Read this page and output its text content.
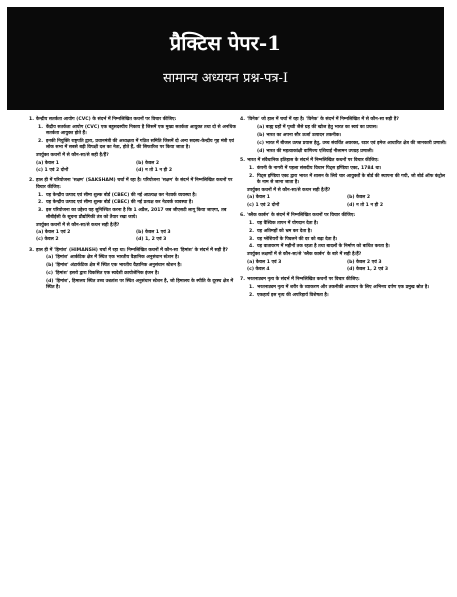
प्रैक्टिस पेपर-1
सामान्य अध्ययन प्रश्न-पत्र-I
1. केन्द्रीय सतर्कता आयोग (CVC) के संदर्भ में निम्नलिखित कथनों पर विचार कीजिए:
1. केंद्रीय सतर्कता आयोग (CVC) एक बहुसदस्यीय निकाय है जिसमें एक मुख्य सतर्कता आयुक्त तथा दो से अनधिक सतर्कता आयुक्त होते हैं।
2. इनकी नियुक्ति राष्ट्रपति द्वारा, प्रधानमंत्री की अध्यक्षता में गठित समिति जिसमें दो अन्य सदस्य-केन्द्रीय गृह मंत्री एवं लोक सभा में सबसे बड़ी विपक्षी दल का नेता, होते हैं, की सिफारिश पर किया जाता है।
उपर्युक्त कथनों में से कौन-सा/से सही है/हैं?
(a) केवल 1	(b) केवल 2
(c) 1 एवं 2 दोनों	(d) न तो 1 न ही 2
2. हाल ही में परियोजना 'सक्षम' (SAKSHAM) चर्चा में रहा है। परियोजना 'सक्षम' के संदर्भ में निम्नलिखित कथनों पर विचार कीजिए:
1. यह केन्द्रीय उत्पाद एवं सीमा शुल्क बोर्ड (CBEC) की नई अप्रत्यक्ष कर नेटवर्क व्यवस्था है।
2. यह केन्द्रीय उत्पाद एवं सीमा शुल्क बोर्ड (CBEC) की नई प्रत्यक्ष कर नेटवर्क व्यवस्था है।
3. इस परियोजना का उद्देश्य यह सुनिश्चित करना है कि 1 अप्रैल, 2017 जब जीएसटी लागू किया जाएगा, तब सीबीईसी के सूचना प्रौद्योगिकी तंत्र को तैयार रखा जाये।
उपर्युक्त कथनों में से कौन-सा/से कथन सही है/हैं?
(a) केवल 1 एवं 2	(b) केवल 1 एवं 3
(c) केवल 2	(d) 1, 2 एवं 3
3. हाल ही में 'हिमांश' (HIMANSH) चर्चा में रहा था। निम्नलिखित कथनों में कौन-सा 'हिमांश' के संदर्भ में सही है?
(a) 'हिमांश' आर्कटिक क्षेत्र में स्थित एक भारतीय वैज्ञानिक अनुसंधान स्टेशन है।
(b) 'हिमांश' अंटार्कटिक क्षेत्र में स्थित एक भारतीय वैज्ञानिक अनुसंधान स्टेशन है।
(c) 'हिमांश' इसरो द्वारा विकसित एक स्वदेशी क्रायोजेनिक इंजन है।
(d) 'हिमांश', हिमालय स्थित उच्च उन्नतांश पर स्थित अनुसंधान स्टेशन है, जो हिमालय के स्पीति के दूरस्थ क्षेत्र में स्थित है।
4. 'विनेक' जो हाल में चर्चा में रहा है। 'विनेक' के संदर्भ में निम्नलिखित में से कौन-सा सही है?
(a) बाह्य ग्रहों में पृथ्वी जैसे ग्रह की खोज हेतु भारत का स्वयं का प्रयास।
(b) भारत का अपना सौर ऊर्जा उत्पादन तकनीक।
(c) भारत में बीजल उत्पन्न प्रयास हेतु, उच्च संवर्धित अवरक्त, रडार एवं इमेज आधारित क्षेत्र की जानकारी प्रणाली।
(d) भारत की महत्वाकांक्षी वाणिज्य एशियाई नीलामन उपग्रह प्रणाली।
5. भारत में संवैधानिक इतिहास के संदर्भ में निम्नलिखित कथनों पर विचार कीजिए:
1. कंपनी के नागरी में पहला संसदीय विधान पिट्स इण्डिया एक्ट, 1784 था।
2. पिट्स इण्डिया एक्ट द्वारा भारत में शासन के लिये चार आयुक्तों के बोर्ड की स्थापना की गयी, जो बोर्ड ऑफ कंट्रोल के नाम से जाना जाता है।
उपर्युक्त कथनों में से कौन-सा/से कथन सही है/हैं?
(a) केवल 1	(b) केवल 2
(c) 1 एवं 2 दोनों	(d) न तो 1 न ही 2
6. 'ब्लैक कार्बन' के संदर्भ में निम्नलिखित कथनों पर विचार कीजिए:
1. यह वैश्विक तापन में योगदान देता है।
2. यह अतिमहों को भ्रम कर देता है।
3. यह ग्लेशियरों के पिघलने की दर को बढ़ा देता है।
4. यह वातावरण में महीनों तक रहता है तथा बादलों के निर्माण को बाधित करता है।
उपर्युक्त लक्षणों में से कौन-सा/से 'ब्लैक कार्बन' के बारे में सही है/हैं?
(a) केवल 1 एवं 3	(b) केवल 2 एवं 3
(c) केवल 4	(d) केवल 1, 2 एवं 3
7. भरतनाट्यम नृत्य के संदर्भ में निम्नलिखित कथनों पर विचार कीजिए:
1. भरतनाट्यम नृत्य में शरीर के व्याकरण और तकनीकी अध्ययन के लिए अभिनय दर्पण एक प्रमुख स्रोत है।
2. एकहार्य इस नृत्य की अपरिहार्य विशेषता है।
